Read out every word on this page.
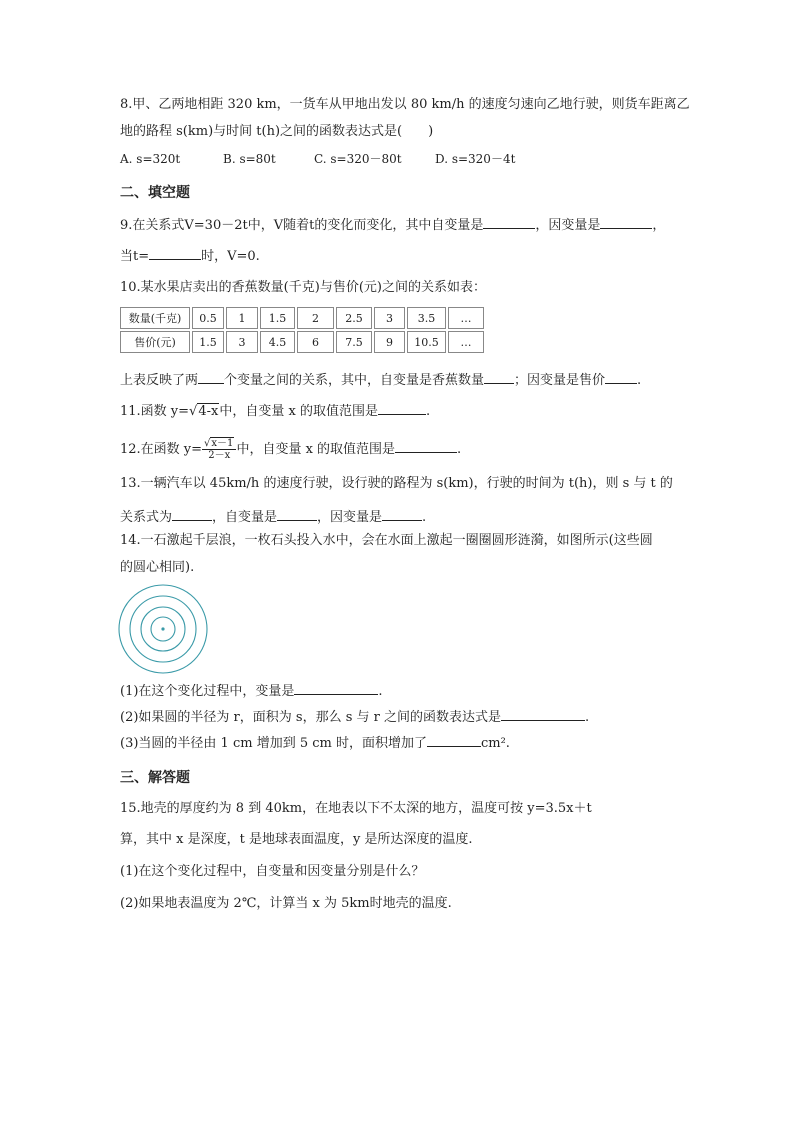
8.甲、乙两地相距 320 km，一货车从甲地出发以 80 km/h 的速度匀速向乙地行驶，则货车距离乙
地的路程 s(km)与时间 t(h)之间的函数表达式是(　　)
A. s=320t	B. s=80t	C. s=320－80t	D. s=320－4t
二、填空题
9.在关系式V=30－2t中，V随着t的变化而变化，其中自变量是	，因变量是	，
当t=	时，V=0.
10.某水果店卖出的香蕉数量(千克)与售价(元)之间的关系如表：
数量(千克)	0.5	1	1.5	2	2.5	3	3.5	…
售价(元)	1.5	3	4.5	6	7.5	9	10.5	…
上表反映了两 个变量之间的关系，其中，自变量是香蕉数量 ；因变量是售价 .
11.函数 y=√4-x中，自变量 x 的取值范围是	.
12.在函数 $y= \frac{√x-1}{2-x}$ 中，自变量 x 的取值范围是	.
13.一辆汽车以 45km/h 的速度行驶，设行驶的路程为 s(km)，行驶的时间为 t(h)，则 s 与 t 的
关系式为	，自变量是	，因变量是	.
14.一石激起千层浪，一枚石头投入水中，会在水面上激起一圈圈圆形涟漪，如图所示(这些圆
的圆心相同).
(1)在这个变化过程中，变量是	.
(2)如果圆的半径为 r，面积为 s，那么 s 与 r 之间的函数表达式是	.
(3)当圆的半径由 1 cm 增加到 5 cm 时，面积增加了	cm².
三、解答题
15.地壳的厚度约为 8 到 40km，在地表以下不太深的地方，温度可按 y=3.5x＋t
算，其中 x 是深度，t 是地球表面温度，y 是所达深度的温度.
(1)在这个变化过程中，自变量和因变量分别是什么？
(2)如果地表温度为 2℃，计算当 x 为 5km时地壳的温度.
